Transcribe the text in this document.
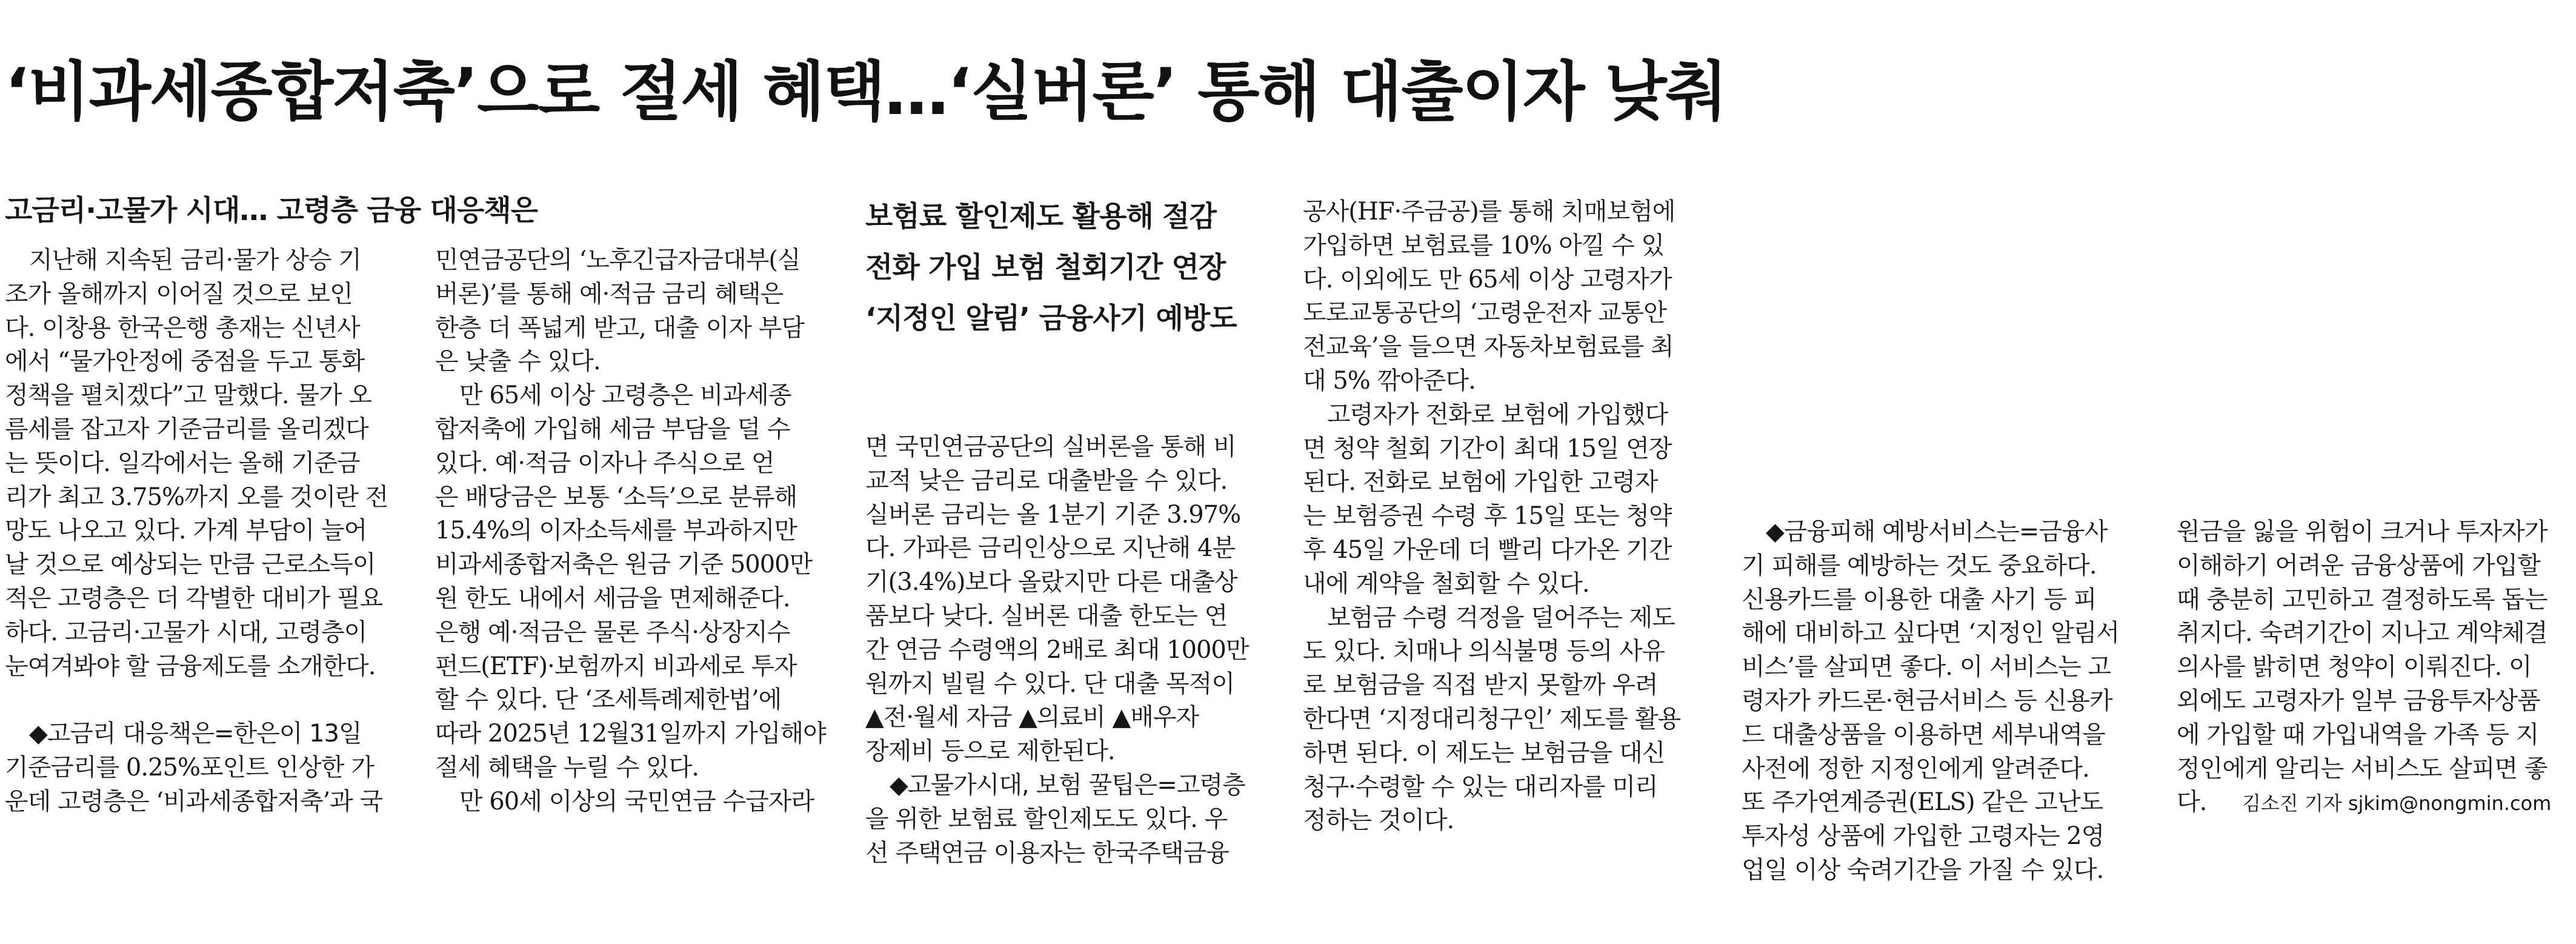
‘비과세종합저축’으로 절세 혜택…‘실버론’ 통해 대출이자 낮춰
고금리·고물가 시대… 고령층 금융 대응책은	보험료 할인제도 활용해 절감
전화 가입 보험 철회기간 연장
‘지정인 알림’ 금융사기 예방도

지난해 지속된 금리·물가 상승 기
조가 올해까지 이어질 것으로 보인
다. 이창용 한국은행 총재는 신년사
에서 “물가안정에 중점을 두고 통화
정책을 펼치겠다”고 말했다. 물가 오
름세를 잡고자 기준금리를 올리겠다
는 뜻이다. 일각에서는 올해 기준금
리가 최고 3.75%까지 오를 것이란 전
망도 나오고 있다. 가계 부담이 늘어
날 것으로 예상되는 만큼 근로소득이
적은 고령층은 더 각별한 대비가 필요
하다. 고금리·고물가 시대, 고령층이
눈여겨봐야 할 금융제도를 소개한다.

◆고금리 대응책은=한은이 13일
기준금리를 0.25%포인트 인상한 가
운데 고령층은 ‘비과세종합저축’과 국

민연금공단의 ‘노후긴급자금대부(실
버론)’를 통해 예·적금 금리 혜택은
한층 더 폭넓게 받고, 대출 이자 부담
은 낮출 수 있다.

만 65세 이상 고령층은 비과세종
합저축에 가입해 세금 부담을 덜 수
있다. 예·적금 이자나 주식으로 얻
은 배당금은 보통 ‘소득’으로 분류해
15.4%의 이자소득세를 부과하지만
비과세종합저축은 원금 기준 5000만
원 한도 내에서 세금을 면제해준다.
은행 예·적금은 물론 주식·상장지수
펀드(ETF)·보험까지 비과세로 투자
할 수 있다. 단 ‘조세특례제한법’에
따라 2025년 12월31일까지 가입해야
절세 혜택을 누릴 수 있다.

만 60세 이상의 국민연금 수급자라

면 국민연금공단의 실버론을 통해 비
교적 낮은 금리로 대출받을 수 있다.
실버론 금리는 올 1분기 기준 3.97%
다. 가파른 금리인상으로 지난해 4분
기(3.4%)보다 올랐지만 다른 대출상
품보다 낮다. 실버론 대출 한도는 연
간 연금 수령액의 2배로 최대 1000만
원까지 빌릴 수 있다. 단 대출 목적이
▲전·월세 자금 ▲의료비 ▲배우자
장제비 등으로 제한된다.

◆고물가시대, 보험 꿀팁은=고령층
을 위한 보험료 할인제도도 있다. 우
선 주택연금 이용자는 한국주택금융

공사(HF·주금공)를 통해 치매보험에
가입하면 보험료를 10% 아낄 수 있
다. 이외에도 만 65세 이상 고령자가
도로교통공단의 ‘고령운전자 교통안
전교육’을 들으면 자동차보험료를 최
대 5% 깎아준다.

고령자가 전화로 보험에 가입했다
면 청약 철회 기간이 최대 15일 연장
된다. 전화로 보험에 가입한 고령자
는 보험증권 수령 후 15일 또는 청약
후 45일 가운데 더 빨리 다가온 기간
내에 계약을 철회할 수 있다.

보험금 수령 걱정을 덜어주는 제도
도 있다. 치매나 의식불명 등의 사유
로 보험금을 직접 받지 못할까 우려
한다면 ‘지정대리청구인’ 제도를 활용
하면 된다. 이 제도는 보험금을 대신
청구·수령할 수 있는 대리자를 미리
정하는 것이다.

◆금융피해 예방서비스는=금융사
기 피해를 예방하는 것도 중요하다.
신용카드를 이용한 대출 사기 등 피
해에 대비하고 싶다면 ‘지정인 알림서
비스’를 살피면 좋다. 이 서비스는 고
령자가 카드론·현금서비스 등 신용카
드 대출상품을 이용하면 세부내역을
사전에 정한 지정인에게 알려준다.
또 주가연계증권(ELS) 같은 고난도
투자성 상품에 가입한 고령자는 2영
업일 이상 숙려기간을 가질 수 있다.

원금을 잃을 위험이 크거나 투자자가
이해하기 어려운 금융상품에 가입할
때 충분히 고민하고 결정하도록 돕는
취지다. 숙려기간이 지나고 계약체결
의사를 밝히면 청약이 이뤄진다. 이
외에도 고령자가 일부 금융투자상품
에 가입할 때 가입내역을 가족 등 지
정인에게 알리는 서비스도 살피면 좋
다. 김소진 기자 sjkim@nongmin.com
